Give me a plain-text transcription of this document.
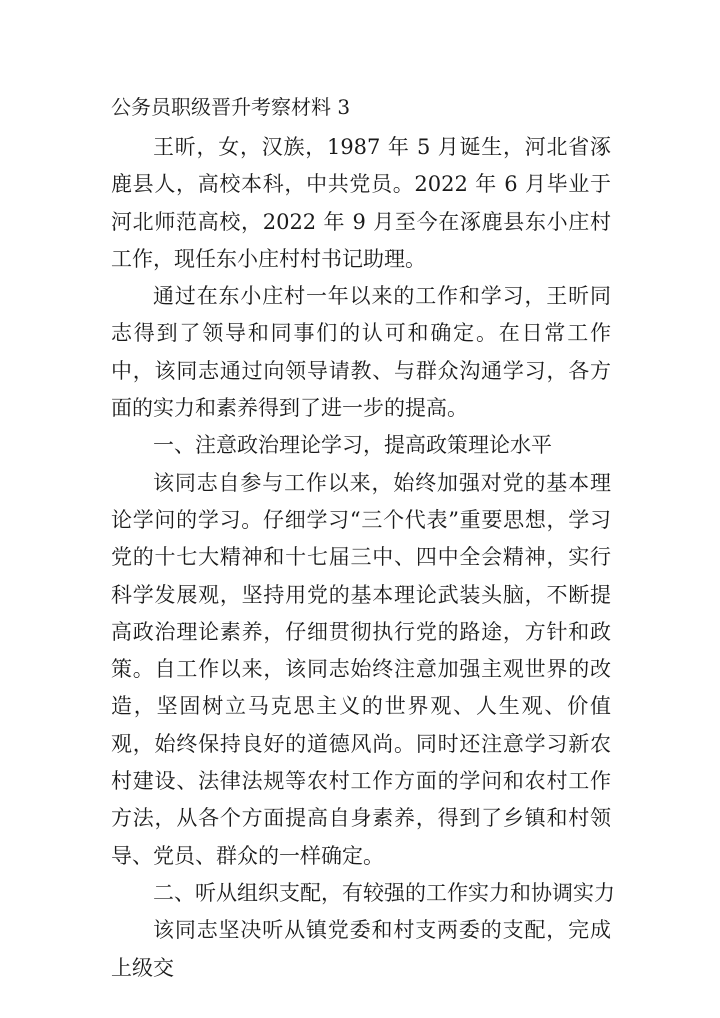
公务员职级晋升考察材料 3

王昕，女，汉族，1987 年 5 月诞生，河北省涿鹿县人，高校本科，中共党员。2022 年 6 月毕业于河北师范高校，2022 年 9 月至今在涿鹿县东小庄村工作，现任东小庄村村书记助理。

通过在东小庄村一年以来的工作和学习，王昕同志得到了领导和同事们的认可和确定。在日常工作中，该同志通过向领导请教、与群众沟通学习，各方面的实力和素养得到了进一步的提高。

一、注意政治理论学习，提高政策理论水平

该同志自参与工作以来，始终加强对党的基本理论学问的学习。仔细学习“三个代表”重要思想，学习党的十七大精神和十七届三中、四中全会精神，实行科学发展观，坚持用党的基本理论武装头脑，不断提高政治理论素养，仔细贯彻执行党的路途，方针和政策。自工作以来，该同志始终注意加强主观世界的改造，坚固树立马克思主义的世界观、人生观、价值观，始终保持良好的道德风尚。同时还注意学习新农村建设、法律法规等农村工作方面的学问和农村工作方法，从各个方面提高自身素养，得到了乡镇和村领导、党员、群众的一样确定。

二、听从组织支配，有较强的工作实力和协调实力

该同志坚决听从镇党委和村支两委的支配，完成上级交
